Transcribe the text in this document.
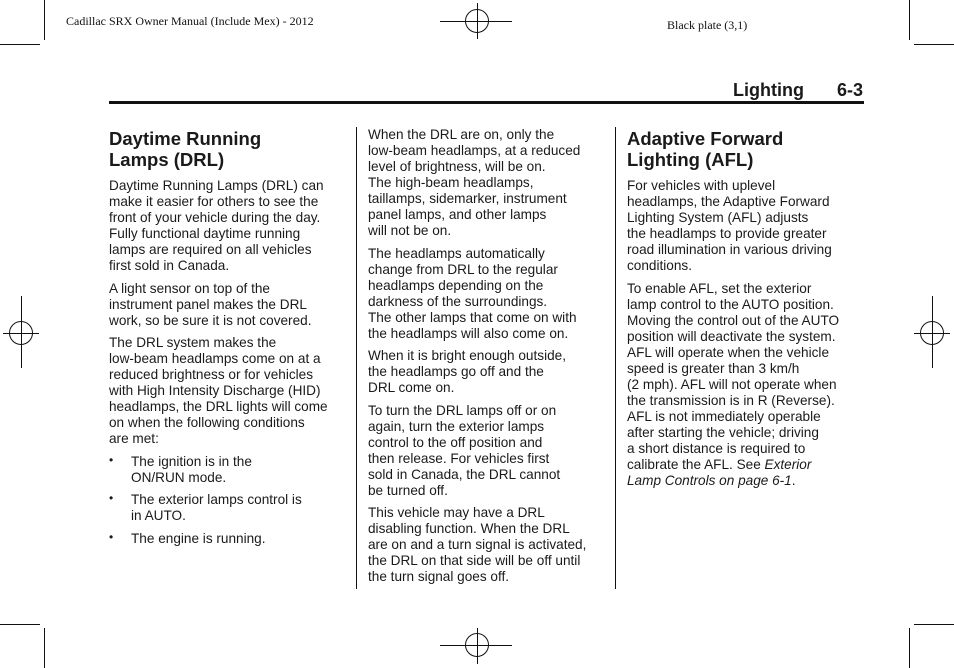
Cadillac SRX Owner Manual (Include Mex) - 2012	Black plate (3,1)
Lighting 6-3
Daytime Running
Lamps (DRL)

Daytime Running Lamps (DRL) can
make it easier for others to see the
front of your vehicle during the day.
Fully functional daytime running
lamps are required on all vehicles
first sold in Canada.

A light sensor on top of the
instrument panel makes the DRL
work, so be sure it is not covered.

The DRL system makes the
low-beam headlamps come on at a
reduced brightness or for vehicles
with High Intensity Discharge (HID)
headlamps, the DRL lights will come
on when the following conditions
are met:

• The ignition is in the
ON/RUN mode.
• The exterior lamps control is
in AUTO.
• The engine is running.

When the DRL are on, only the
low-beam headlamps, at a reduced
level of brightness, will be on.
The high-beam headlamps,
taillamps, sidemarker, instrument
panel lamps, and other lamps
will not be on.

The headlamps automatically
change from DRL to the regular
headlamps depending on the
darkness of the surroundings.
The other lamps that come on with
the headlamps will also come on.

When it is bright enough outside,
the headlamps go off and the
DRL come on.

To turn the DRL lamps off or on
again, turn the exterior lamps
control to the off position and
then release. For vehicles first
sold in Canada, the DRL cannot
be turned off.

This vehicle may have a DRL
disabling function. When the DRL
are on and a turn signal is activated,
the DRL on that side will be off until
the turn signal goes off.

Adaptive Forward
Lighting (AFL)

For vehicles with uplevel
headlamps, the Adaptive Forward
Lighting System (AFL) adjusts
the headlamps to provide greater
road illumination in various driving
conditions.

To enable AFL, set the exterior
lamp control to the AUTO position.
Moving the control out of the AUTO
position will deactivate the system.
AFL will operate when the vehicle
speed is greater than 3 km/h
(2 mph). AFL will not operate when
the transmission is in R (Reverse).
AFL is not immediately operable
after starting the vehicle; driving
a short distance is required to
calibrate the AFL. See Exterior
Lamp Controls on page 6-1.
